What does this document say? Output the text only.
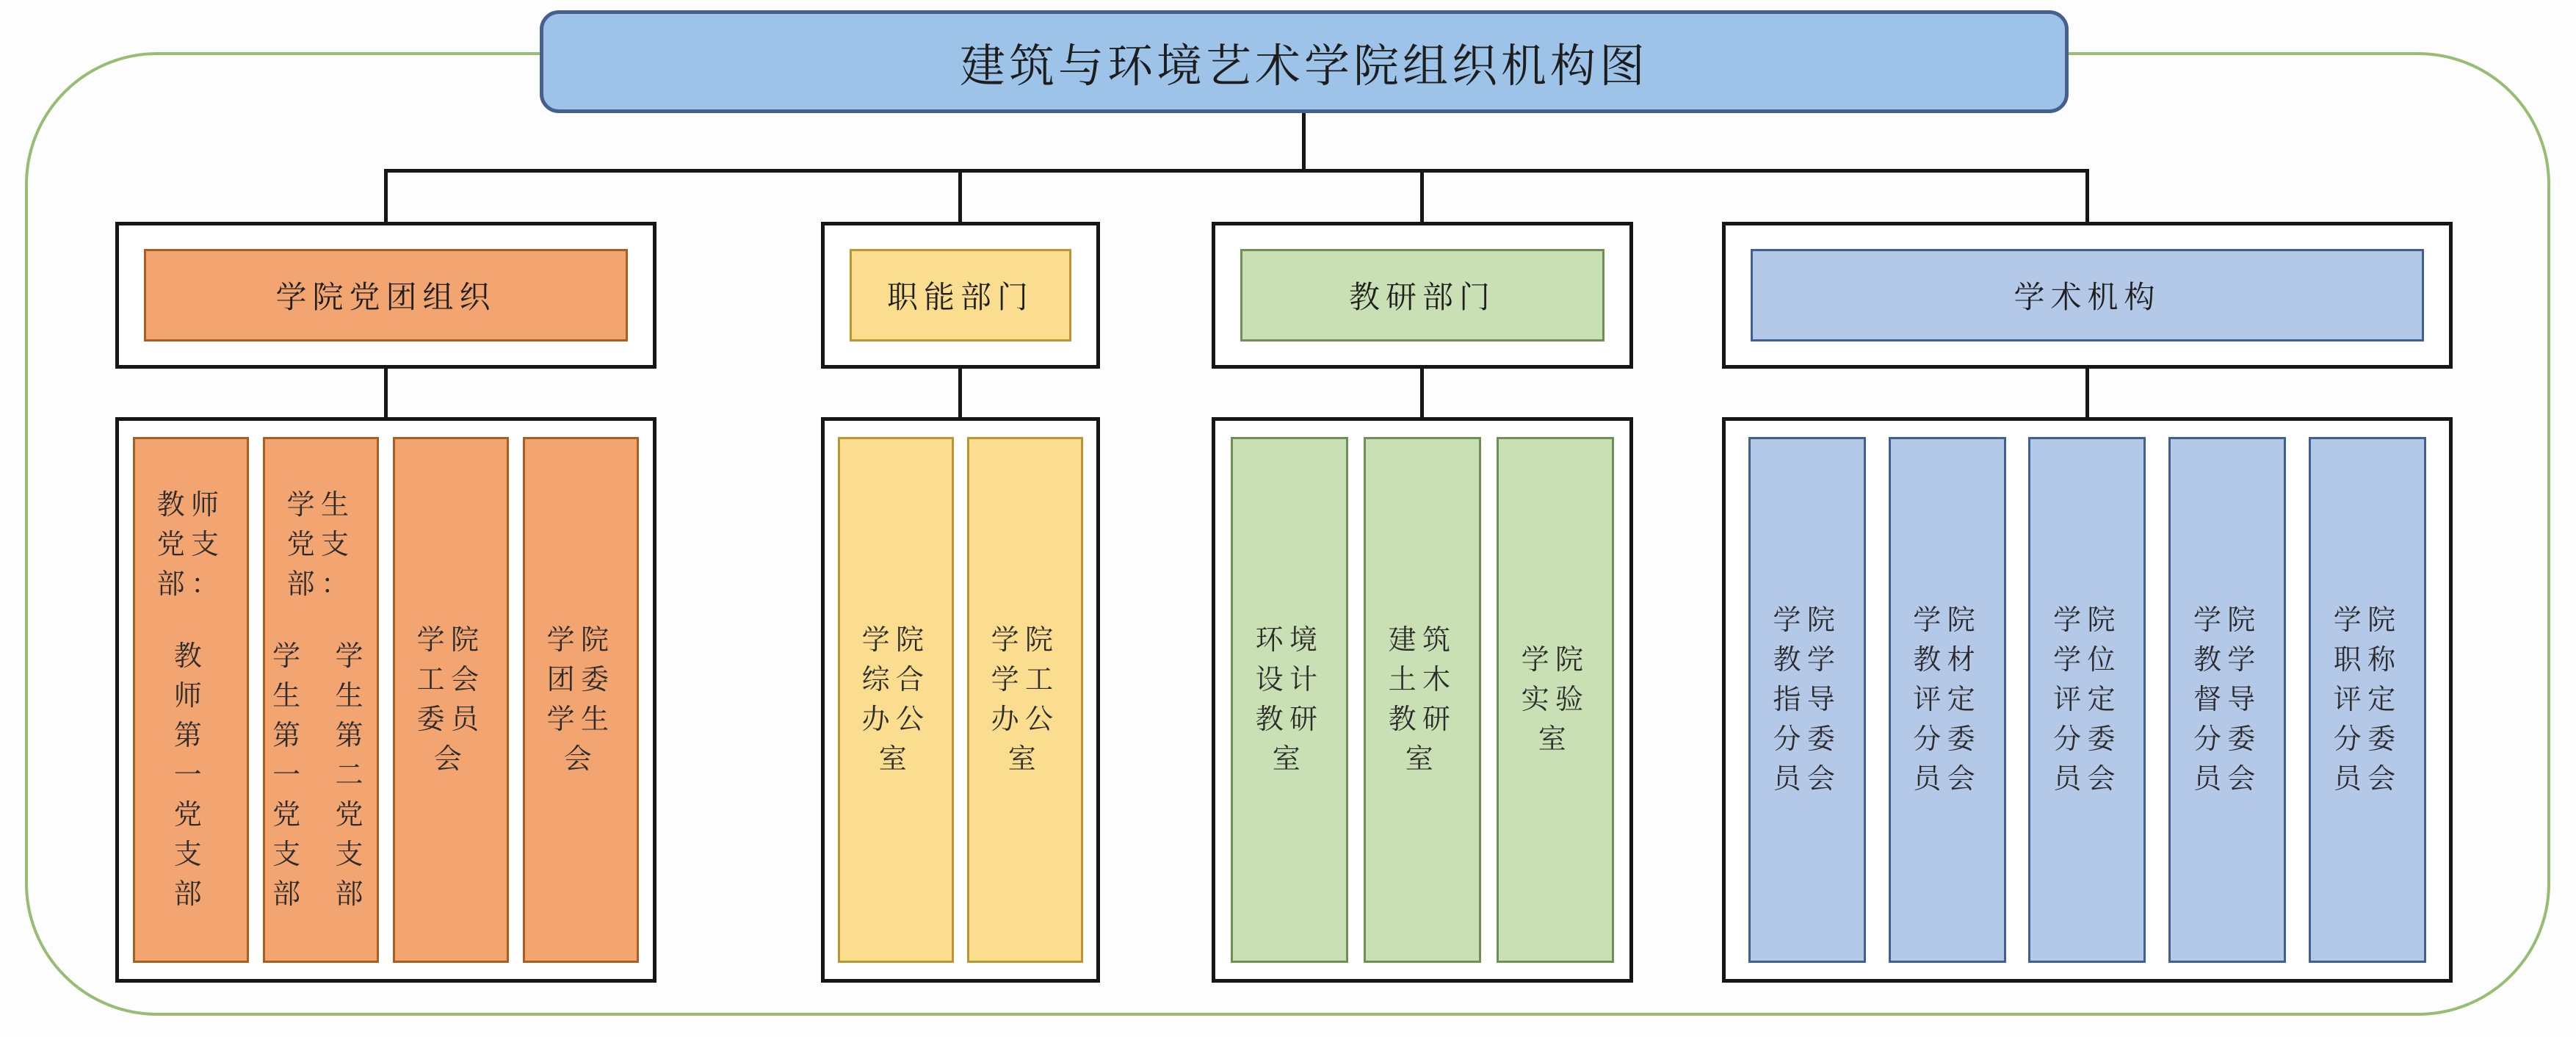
学院党团组织
教师党支部：
教师第一党支部
学生党支部：
学生第一党支部
学生第二党支部
学院工会委员会
学院团委学生会
职能部门
学院综合办公室
学院学工办公室
教研部门
环境设计教研室
建筑土木教研室
学院实验室
学术机构
学院教学指导分委员会
学院教材评定分委员会
学院学位评定分委员会
学院教学督导分委员会
学院职称评定分委员会
建筑与环境艺术学院组织机构图
